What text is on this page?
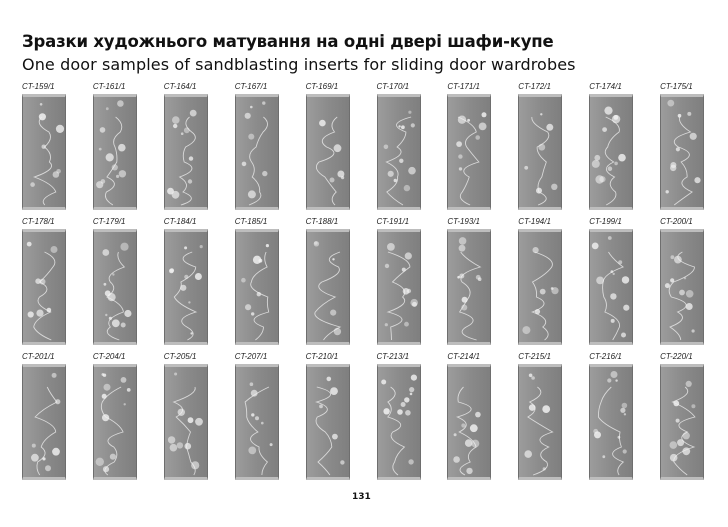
Зразки художнього матування на одні двері шафи-купе
One door samples of sandblasting inserts for sliding door wardrobes
CT-159/1	CT-161/1	CT-164/1	CT-167/1	CT-169/1	CT-170/1	CT-171/1	CT-172/1	CT-174/1	CT-175/1
CT-178/1	CT-179/1	CT-184/1	CT-185/1	CT-188/1	CT-191/1	CT-193/1	CT-194/1	CT-199/1	CT-200/1
CT-201/1	CT-204/1	CT-205/1	CT-207/1	CT-210/1	CT-213/1	CT-214/1	CT-215/1	CT-216/1	CT-220/1
131
